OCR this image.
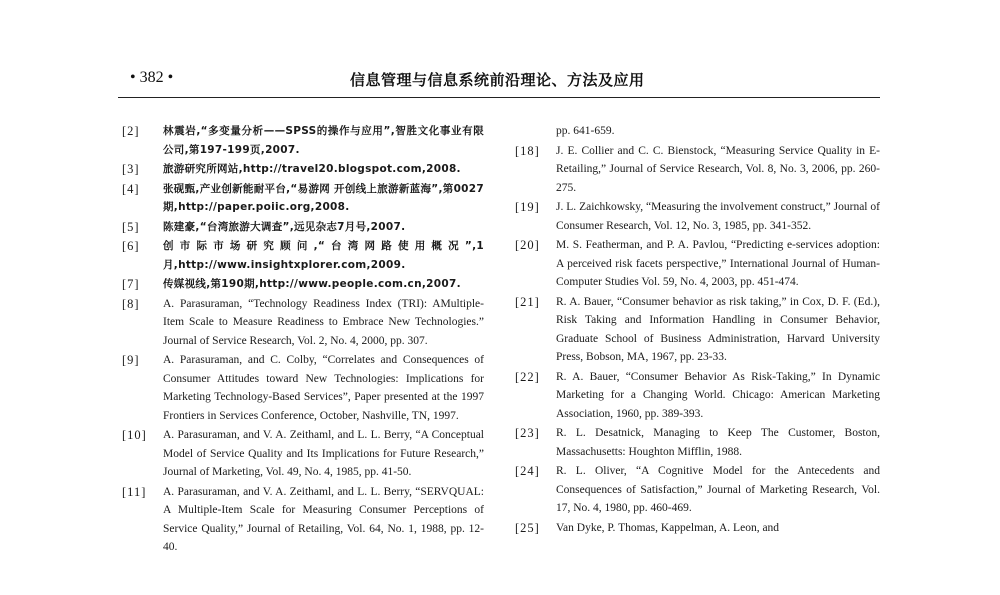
• 382 •	信息管理与信息系统前沿理论、方法及应用
[2]	林震岩,“多变量分析——SPSS的操作与应用”,智胜文化事业有限公司,第197-199页,2007.
[3]	旅游研究所网站,http://travel20.blogspot.com,2008.
[4]	张砚甄,产业创新能耐平台,“易游网 开创线上旅游新蓝海”,第0027期,http://paper.poiic.org,2008.
[5]	陈建豪,“台湾旅游大调查”,远见杂志7月号,2007.
[6]	创市际市场研究顾问,“台湾网路使用概况”,1月,http://www.insightxplorer.com,2009.
[7]	传媒视线,第190期,http://www.people.com.cn,2007.
[8]	A. Parasuraman, “Technology Readiness Index (TRI): AMultiple-Item Scale to Measure Readiness to Embrace New Technologies.” Journal of Service Research, Vol. 2, No. 4, 2000, pp. 307.
[9]	A. Parasuraman, and C. Colby, “Correlates and Consequences of Consumer Attitudes toward New Technologies: Implications for Marketing Technology-Based Services”, Paper presented at the 1997 Frontiers in Services Conference, October, Nashville, TN, 1997.
[10]	A. Parasuraman, and V. A. Zeithaml, and L. L. Berry, “A Conceptual Model of Service Quality and Its Implications for Future Research,” Journal of Marketing, Vol. 49, No. 4, 1985, pp. 41-50.
[11]	A. Parasuraman, and V. A. Zeithaml, and L. L. Berry, “SERVQUAL: A Multiple-Item Scale for Measuring Consumer Perceptions of Service Quality,” Journal of Retailing, Vol. 64, No. 1, 1988, pp. 12-40.
pp. 641-659.
[18]	J. E. Collier and C. C. Bienstock, “Measuring Service Quality in E-Retailing,” Journal of Service Research, Vol. 8, No. 3, 2006, pp. 260-275.
[19]	J. L. Zaichkowsky, “Measuring the involvement construct,” Journal of Consumer Research, Vol. 12, No. 3, 1985, pp. 341-352.
[20]	M. S. Featherman, and P. A. Pavlou, “Predicting e-services adoption: A perceived risk facets perspective,” International Journal of Human-Computer Studies Vol. 59, No. 4, 2003, pp. 451-474.
[21]	R. A. Bauer, “Consumer behavior as risk taking,” in Cox, D. F. (Ed.), Risk Taking and Information Handling in Consumer Behavior, Graduate School of Business Administration, Harvard University Press, Bobson, MA, 1967, pp. 23-33.
[22]	R. A. Bauer, “Consumer Behavior As Risk-Taking,” In Dynamic Marketing for a Changing World. Chicago: American Marketing Association, 1960, pp. 389-393.
[23]	R. L. Desatnick, Managing to Keep The Customer, Boston, Massachusetts: Houghton Mifflin, 1988.
[24]	R. L. Oliver, “A Cognitive Model for the Antecedents and Consequences of Satisfaction,” Journal of Marketing Research, Vol. 17, No. 4, 1980, pp. 460-469.
[25]	Van Dyke, P. Thomas, Kappelman, A. Leon, and
